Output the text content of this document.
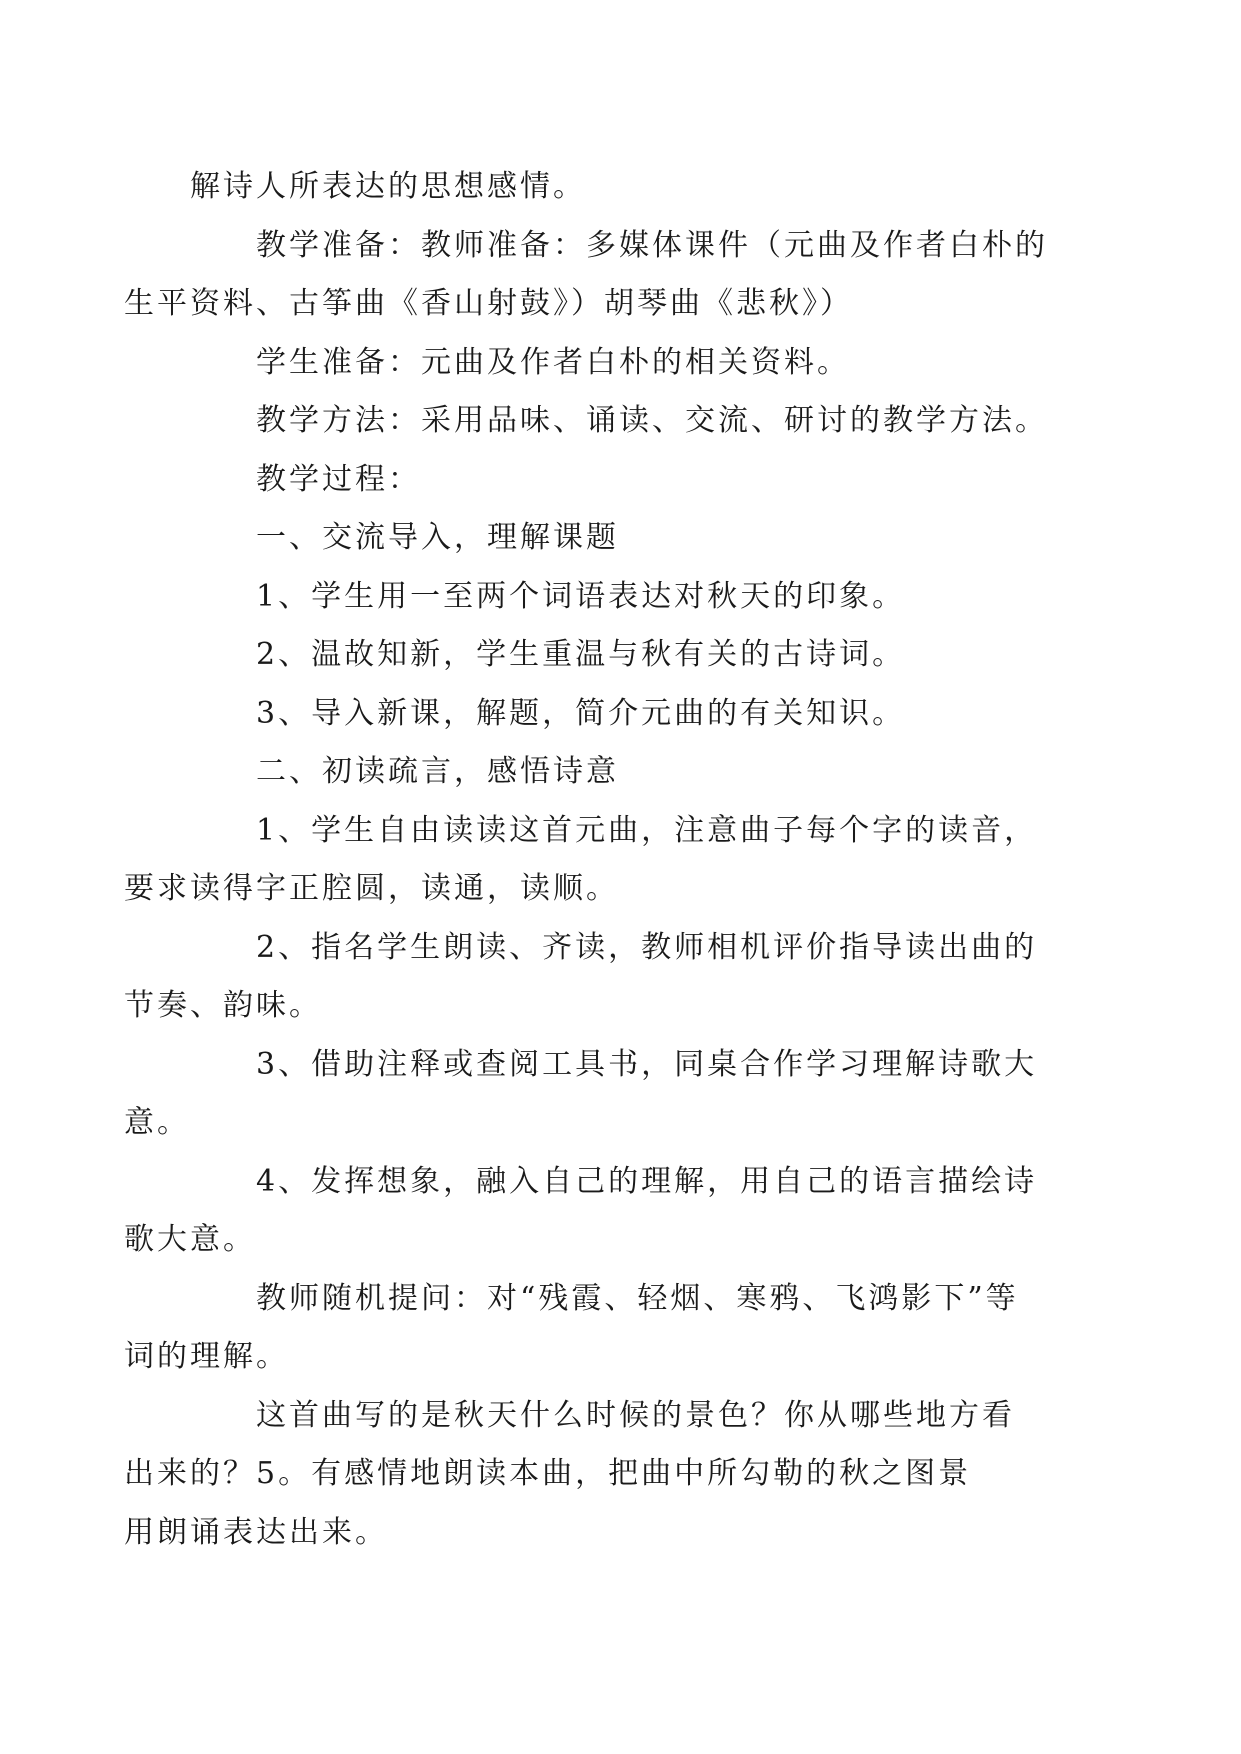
解诗人所表达的思想感情。

教学准备：教师准备：多媒体课件（元曲及作者白朴的
生平资料、古筝曲《香山射鼓》）胡琴曲《悲秋》）

学生准备：元曲及作者白朴的相关资料。

教学方法：采用品味、诵读、交流、研讨的教学方法。

教学过程：

一、交流导入，理解课题

1、学生用一至两个词语表达对秋天的印象。

2、温故知新，学生重温与秋有关的古诗词。

3、导入新课，解题，简介元曲的有关知识。

二、初读疏言，感悟诗意

1、学生自由读读这首元曲，注意曲子每个字的读音，
要求读得字正腔圆，读通，读顺。

2、指名学生朗读、齐读，教师相机评价指导读出曲的
节奏、韵味。

3、借助注释或查阅工具书，同桌合作学习理解诗歌大
意。

4、发挥想象，融入自己的理解，用自己的语言描绘诗
歌大意。

教师随机提问：对“残霞、轻烟、寒鸦、飞鸿影下”等
词的理解。

这首曲写的是秋天什么时候的景色？你从哪些地方看
出来的？5。有感情地朗读本曲，把曲中所勾勒的秋之图景
用朗诵表达出来。
